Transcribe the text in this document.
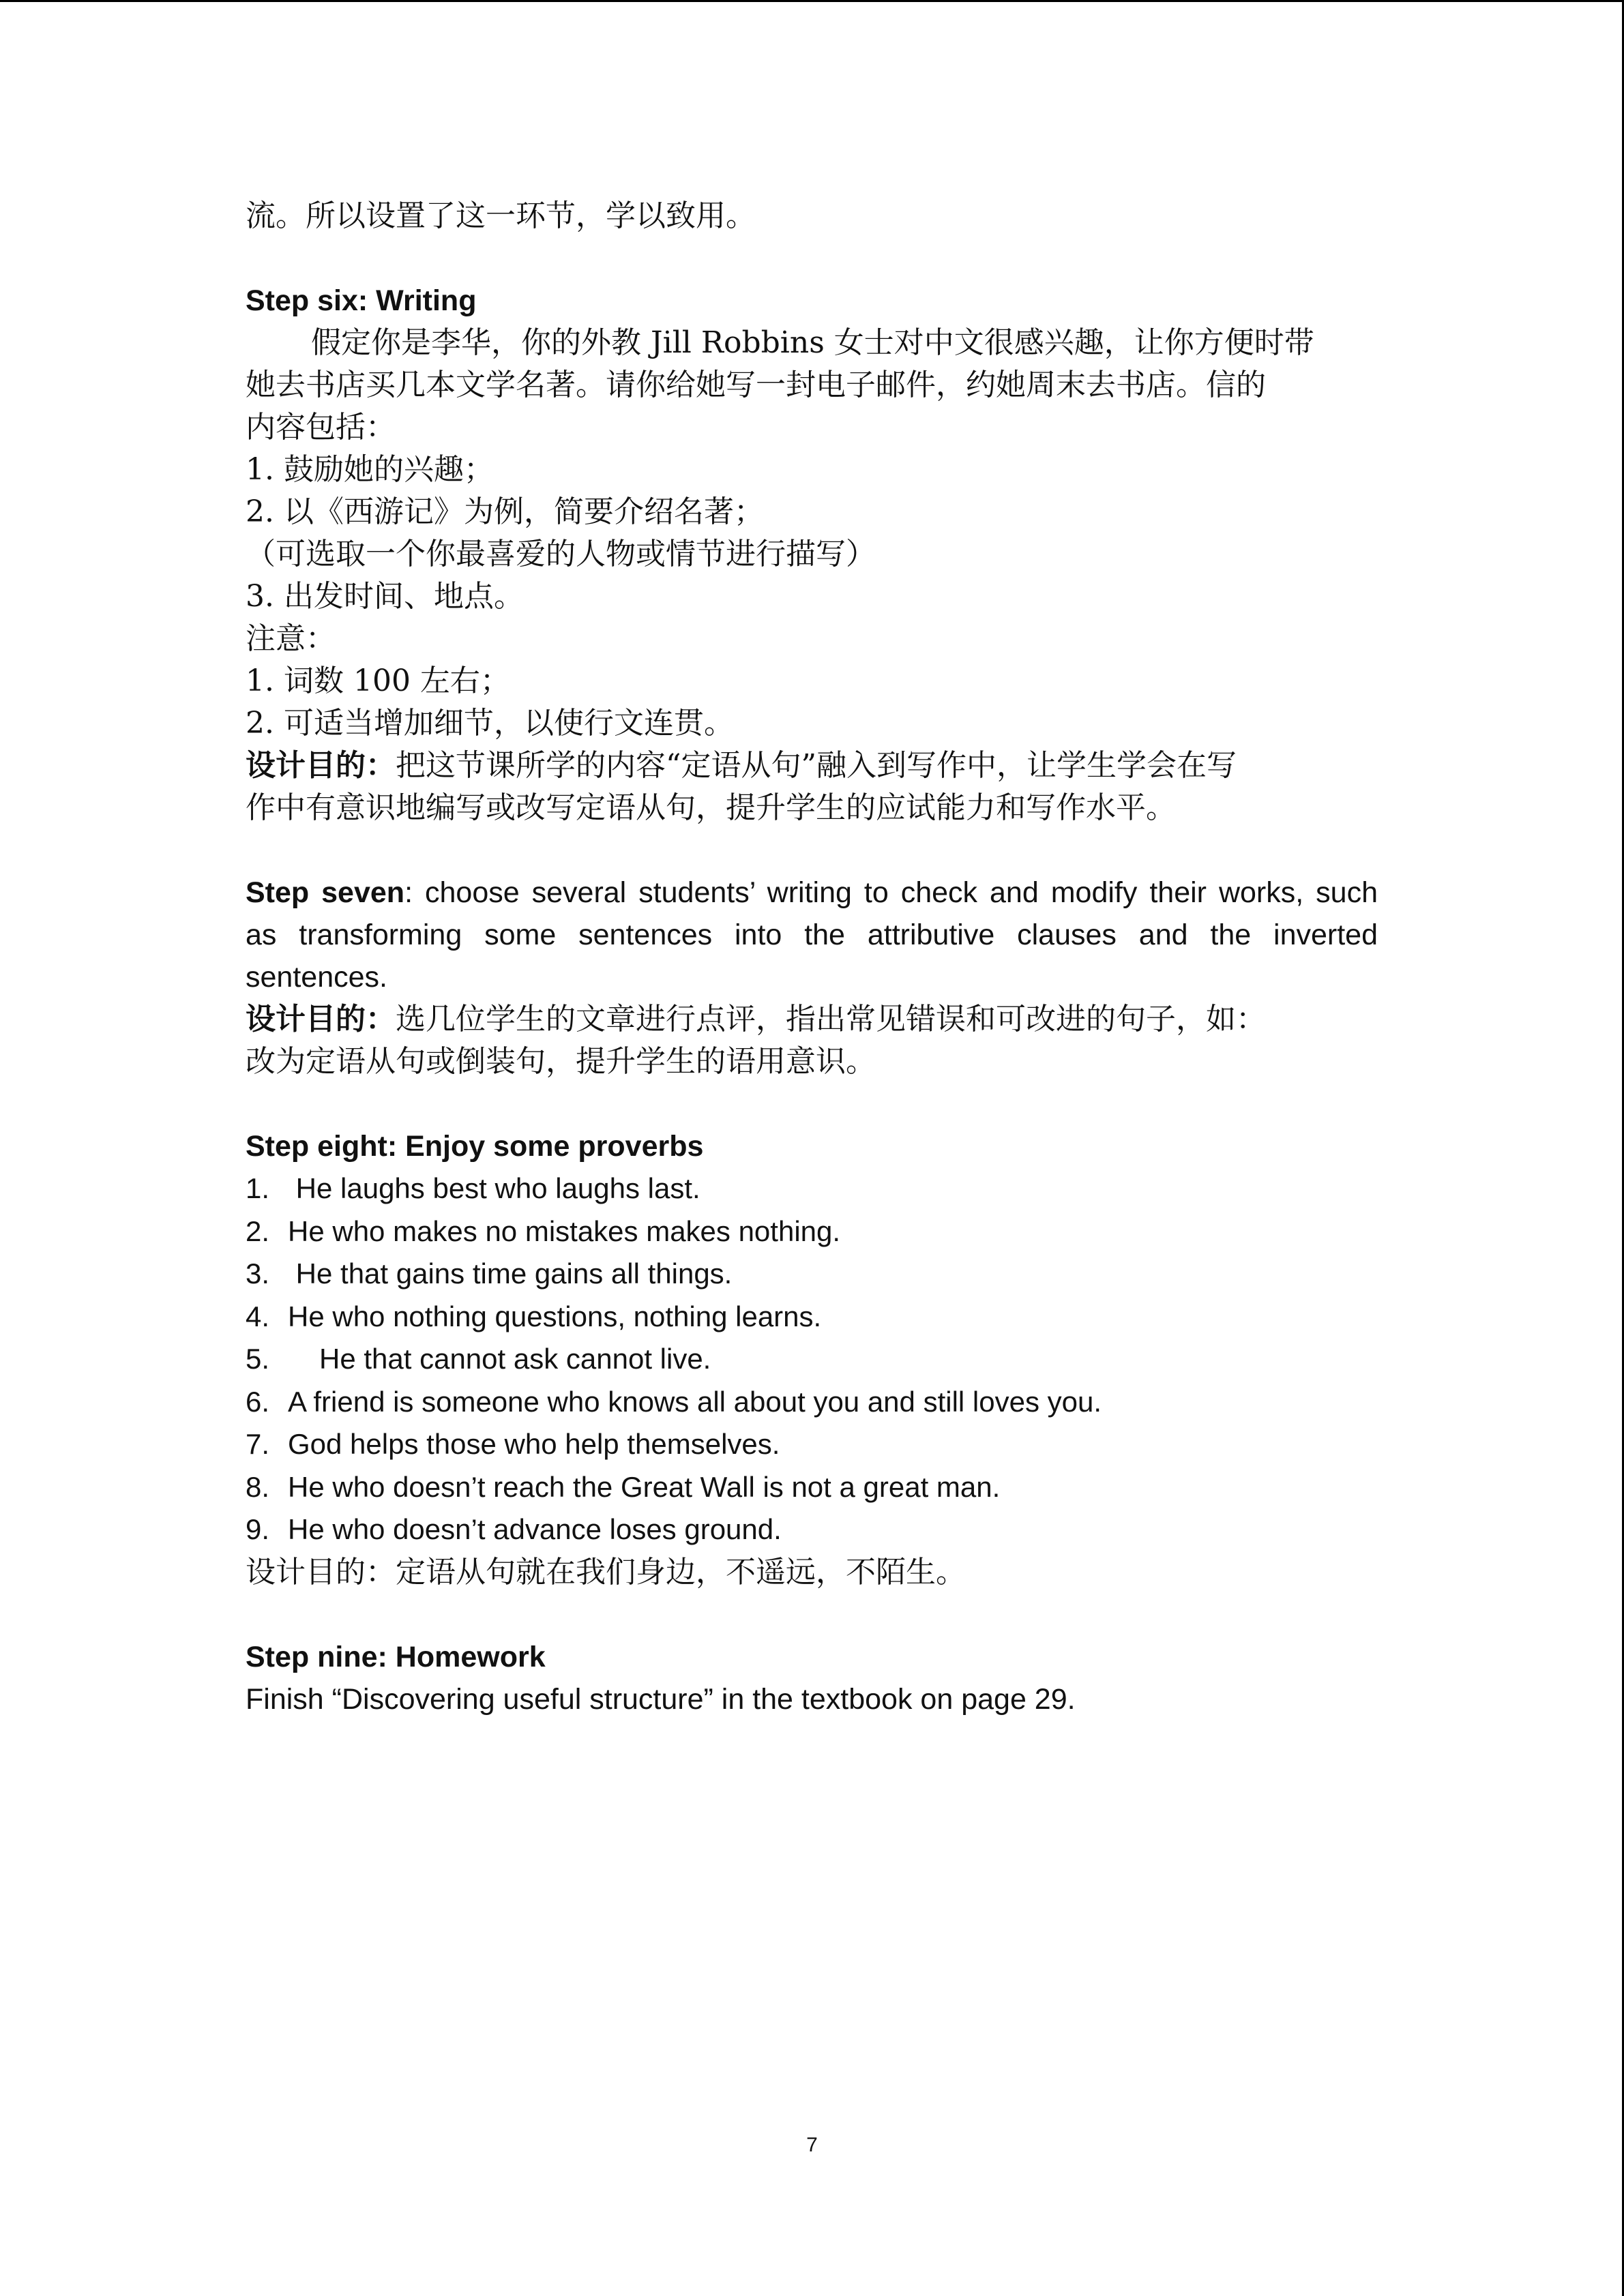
流。所以设置了这一环节，学以致用。
Step six: Writing
假定你是李华，你的外教 Jill Robbins 女士对中文很感兴趣，让你方便时带
她去书店买几本文学名著。请你给她写一封电子邮件，约她周末去书店。信的
内容包括：
1. 鼓励她的兴趣；
2. 以《西游记》为例，简要介绍名著；
（可选取一个你最喜爱的人物或情节进行描写）
3. 出发时间、地点。
注意：
1. 词数 100 左右；
2. 可适当增加细节，以使行文连贯。
设计目的：把这节课所学的内容“定语从句”融入到写作中，让学生学会在写
作中有意识地编写或改写定语从句，提升学生的应试能力和写作水平。
Step seven: choose several students’ writing to check and modify their works, such
as transforming some sentences into the attributive clauses and the inverted
sentences.
设计目的：选几位学生的文章进行点评，指出常见错误和可改进的句子，如：
改为定语从句或倒装句，提升学生的语用意识。
Step eight: Enjoy some proverbs
1. He laughs best who laughs last.
2. He who makes no mistakes makes nothing.
3. He that gains time gains all things.
4. He who nothing questions, nothing learns.
5. He that cannot ask cannot live.
6. A friend is someone who knows all about you and still loves you.
7. God helps those who help themselves.
8. He who doesn’t reach the Great Wall is not a great man.
9. He who doesn’t advance loses ground.
设计目的：定语从句就在我们身边，不遥远，不陌生。
Step nine: Homework
Finish “Discovering useful structure” in the textbook on page 29.
7
